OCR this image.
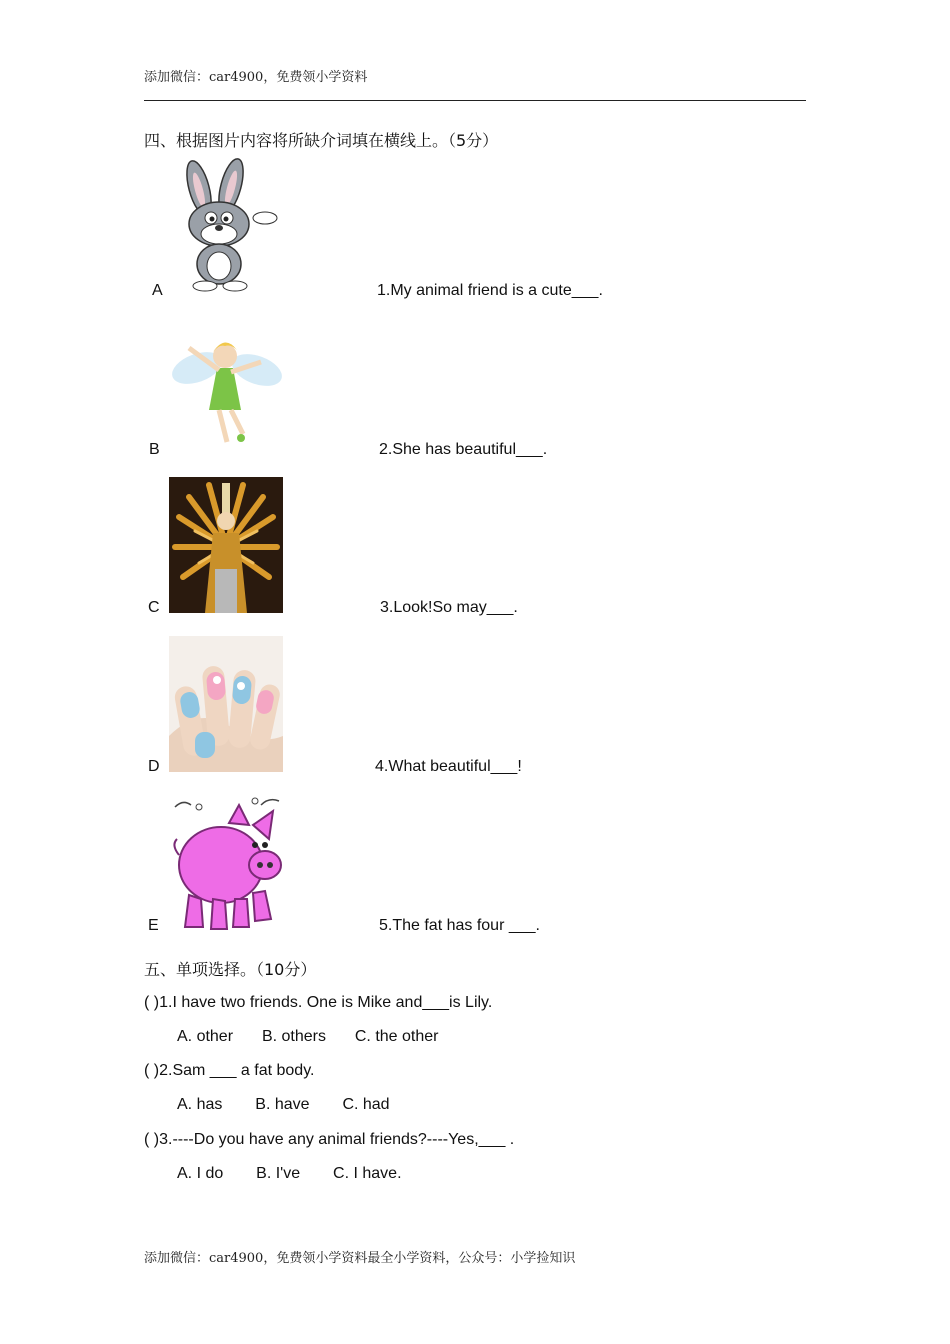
添加微信：car4900，免费领小学资料
四、根据图片内容将所缺介词填在横线上。（5分）
A	1.My animal friend is a cute___.
B	2.She has beautiful___.
C	3.Look!So may___.
D	4.What beautiful___!
E	5.The fat has four ___.
五、单项选择。（10分）
( )1.I have two friends. One is Mike and___is Lily.
A. other B. others C. the other
( )2.Sam ___ a fat body.
A. has B. have C. had
( )3.----Do you have any animal friends?----Yes,___ .
A. I do B. I've C. I have.
添加微信：car4900，免费领小学资料最全小学资料，公众号：小学捡知识
